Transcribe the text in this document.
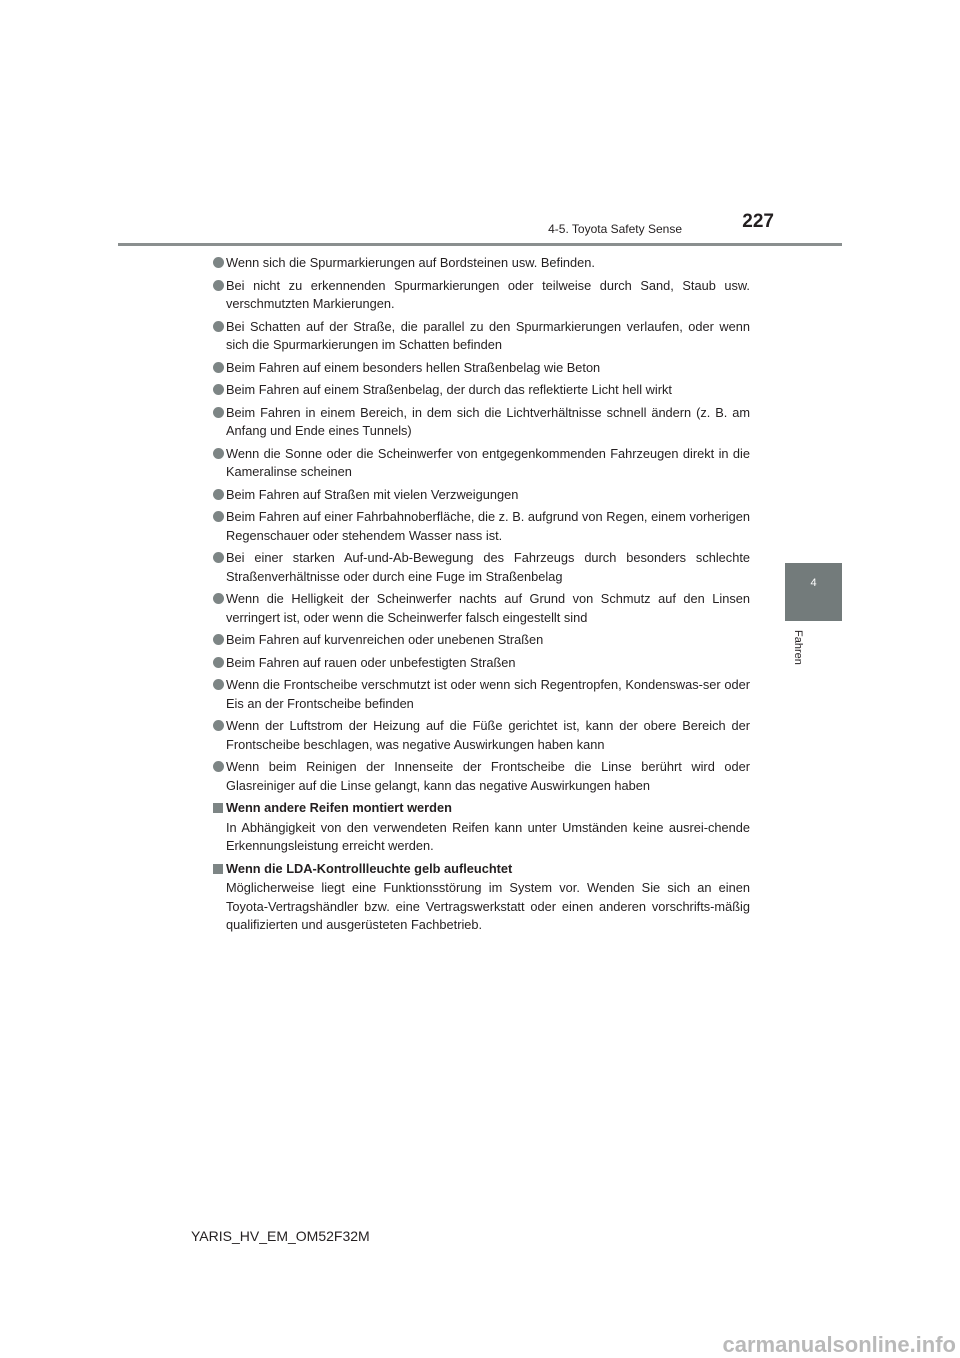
227
4-5. Toyota Safety Sense
4
Fahren
Wenn sich die Spurmarkierungen auf Bordsteinen usw. Befinden.
Bei nicht zu erkennenden Spurmarkierungen oder teilweise durch Sand, Staub usw. verschmutzten Markierungen.
Bei Schatten auf der Straße, die parallel zu den Spurmarkierungen verlaufen, oder wenn sich die Spurmarkierungen im Schatten befinden
Beim Fahren auf einem besonders hellen Straßenbelag wie Beton
Beim Fahren auf einem Straßenbelag, der durch das reflektierte Licht hell wirkt
Beim Fahren in einem Bereich, in dem sich die Lichtverhältnisse schnell ändern (z. B. am Anfang und Ende eines Tunnels)
Wenn die Sonne oder die Scheinwerfer von entgegenkommenden Fahrzeugen direkt in die Kameralinse scheinen
Beim Fahren auf Straßen mit vielen Verzweigungen
Beim Fahren auf einer Fahrbahnoberfläche, die z. B. aufgrund von Regen, einem vorherigen Regenschauer oder stehendem Wasser nass ist.
Bei einer starken Auf-und-Ab-Bewegung des Fahrzeugs durch besonders schlechte Straßenverhältnisse oder durch eine Fuge im Straßenbelag
Wenn die Helligkeit der Scheinwerfer nachts auf Grund von Schmutz auf den Linsen verringert ist, oder wenn die Scheinwerfer falsch eingestellt sind
Beim Fahren auf kurvenreichen oder unebenen Straßen
Beim Fahren auf rauen oder unbefestigten Straßen
Wenn die Frontscheibe verschmutzt ist oder wenn sich Regentropfen, Kondenswas-ser oder Eis an der Frontscheibe befinden
Wenn der Luftstrom der Heizung auf die Füße gerichtet ist, kann der obere Bereich der Frontscheibe beschlagen, was negative Auswirkungen haben kann
Wenn beim Reinigen der Innenseite der Frontscheibe die Linse berührt wird oder Glasreiniger auf die Linse gelangt, kann das negative Auswirkungen haben
Wenn andere Reifen montiert werden
In Abhängigkeit von den verwendeten Reifen kann unter Umständen keine ausrei-chende Erkennungsleistung erreicht werden.
Wenn die LDA-Kontrollleuchte gelb aufleuchtet
Möglicherweise liegt eine Funktionsstörung im System vor. Wenden Sie sich an einen Toyota-Vertragshändler bzw. eine Vertragswerkstatt oder einen anderen vorschrifts-mäßig qualifizierten und ausgerüsteten Fachbetrieb.
YARIS_HV_EM_OM52F32M
carmanualsonline.info
